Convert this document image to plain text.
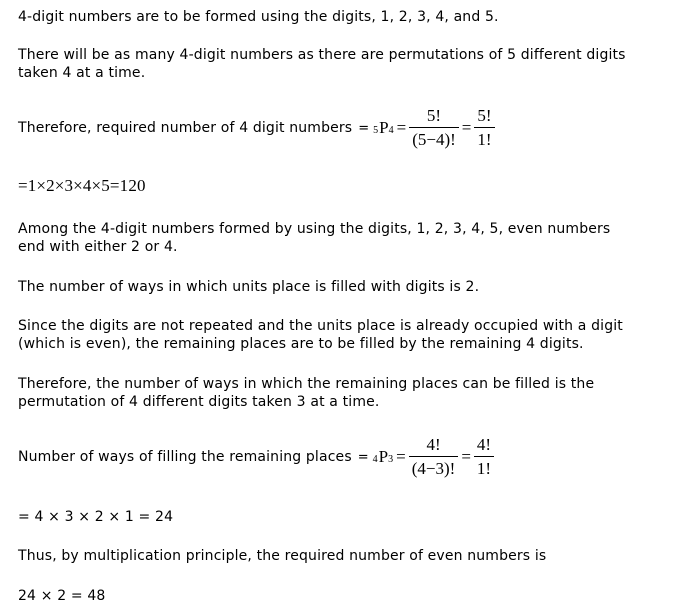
4-digit numbers are to be formed using the digits, 1, 2, 3, 4, and 5.
There will be as many 4-digit numbers as there are permutations of 5 different digits
taken 4 at a time.
Therefore, required number of 4 digit numbers = 5 P $4 = \frac{5!}{(5-4)!} = \frac{5!}{1!}$
=1×2×3×4×5=120
Among the 4-digit numbers formed by using the digits, 1, 2, 3, 4, 5, even numbers
end with either 2 or 4.
The number of ways in which units place is filled with digits is 2.
Since the digits are not repeated and the units place is already occupied with a digit
(which is even), the remaining places are to be filled by the remaining 4 digits.
Therefore, the number of ways in which the remaining places can be filled is the
permutation of 4 different digits taken 3 at a time.
Number of ways of filling the remaining places = 4 P $3 = \frac{4!}{(4-3)!} = \frac{4!}{1!}$
= 4 × 3 × 2 × 1 = 24
Thus, by multiplication principle, the required number of even numbers is
24 × 2 = 48
